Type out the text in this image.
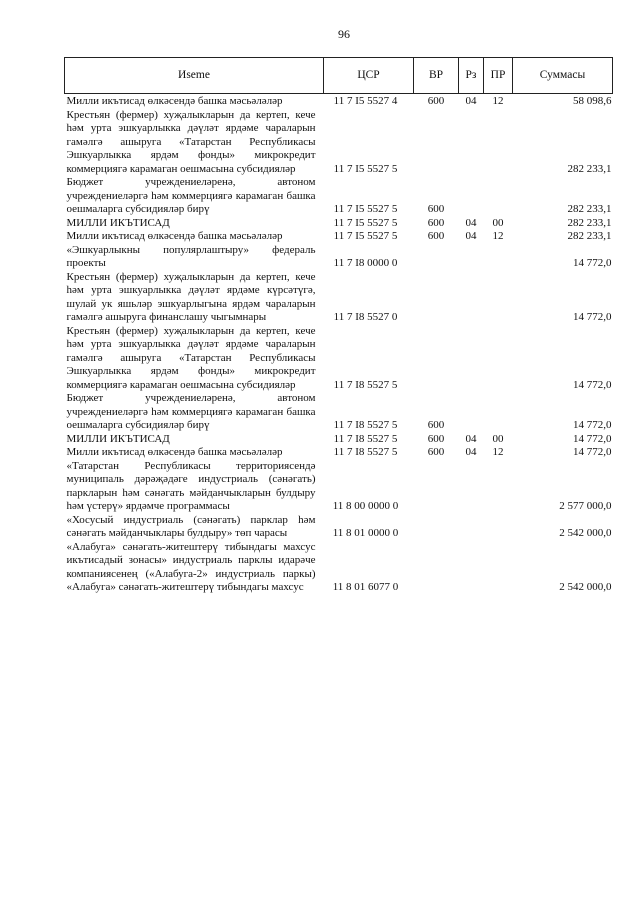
96
Иseme	ЦСР	ВР	Рз	ПР	Суммасы
Милли икътисад өлкәсендә башка мәсьәләләр	11 7 I5 5527 4	600	04	12	58 098,6
Крестьян (фермер) хуҗалыкларын да кертеп, кече һәм урта эшкуарлыкка дәүләт ярдәме чараларын гамәлгә ашыруга «Татарстан Республикасы Эшкуарлыкка ярдәм фонды» микрокредит коммерциягә карамаган оешмасына субсидияләр	11 7 I5 5527 5				282 233,1
Бюджет учреждениеләренә, автоном учреждениеләргә һәм коммерциягә карамаган башка оешмаларга субсидияләр бирү	11 7 I5 5527 5	600			282 233,1
МИЛЛИ ИКЪТИСАД	11 7 I5 5527 5	600	04	00	282 233,1
Милли икътисад өлкәсендә башка мәсьәләләр	11 7 I5 5527 5	600	04	12	282 233,1
«Эшкуарлыкны популярлаштыру» федераль проекты	11 7 I8 0000 0				14 772,0
Крестьян (фермер) хуҗалыкларын да кертеп, кече һәм урта эшкуарлыкка дәүләт ярдәме күрсәтүгә, шулай ук яшьләр эшкуарлыгына ярдәм чараларын гамәлгә ашыруга финанслашу чыгымнары	11 7 I8 5527 0				14 772,0
Крестьян (фермер) хуҗалыкларын да кертеп, кече һәм урта эшкуарлыкка дәүләт ярдәме чараларын гамәлгә ашыруга «Татарстан Республикасы Эшкуарлыкка ярдәм фонды» микрокредит коммерциягә карамаган оешмасына субсидияләр	11 7 I8 5527 5				14 772,0
Бюджет учреждениеләренә, автоном учреждениеләргә һәм коммерциягә карамаган башка оешмаларга субсидияләр бирү	11 7 I8 5527 5	600			14 772,0
МИЛЛИ ИКЪТИСАД	11 7 I8 5527 5	600	04	00	14 772,0
Милли икътисад өлкәсендә башка мәсьәләләр	11 7 I8 5527 5	600	04	12	14 772,0
«Татарстан Республикасы территориясендә муниципаль дәрәҗәдәге индустриаль (сәнәгать) паркларын һәм сәнәгать мәйданчыкларын булдыру һәм үстерү» ярдәмче программасы	11 8 00 0000 0				2 577 000,0
«Хосусый индустриаль (сәнәгать) парклар һәм сәнәгать мәйданчыклары булдыру» төп чарасы	11 8 01 0000 0				2 542 000,0
«Алабуга» сәнәгать-житештерү тибындагы махсус икътисадый зонасы» индустриаль парклы идарәче компаниясенең («Алабуга-2» индустриаль паркы) «Алабуга» сәнәгать-житештерү тибындагы махсус	11 8 01 6077 0				2 542 000,0
